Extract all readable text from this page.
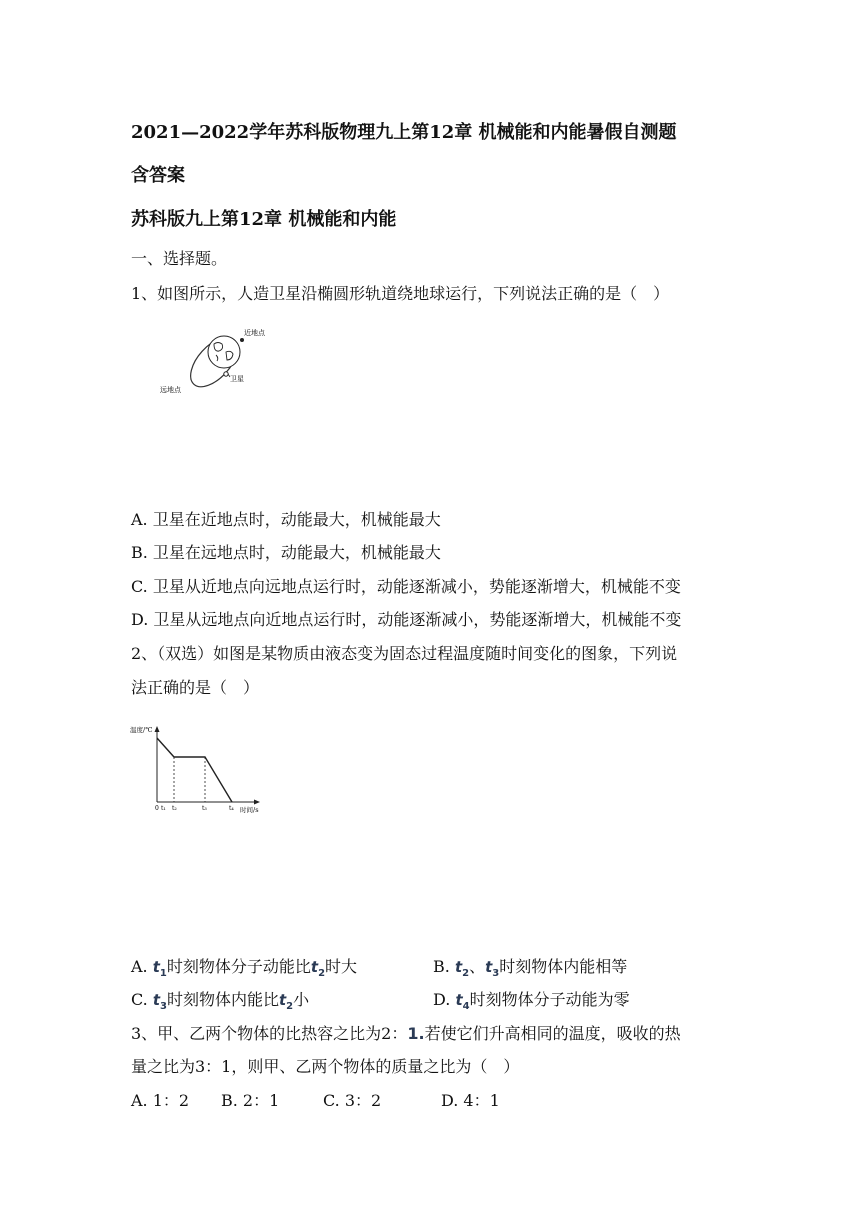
2021—2022学年苏科版物理九上第12章 机械能和内能暑假自测题
含答案
苏科版九上第12章 机械能和内能
一、选择题。
1、如图所示，人造卫星沿椭圆形轨道绕地球运行，下列说法正确的是（　）
近地点
卫星
远地点
A. 卫星在近地点时，动能最大，机械能最大
B. 卫星在远地点时，动能最大，机械能最大
C. 卫星从近地点向远地点运行时，动能逐渐减小，势能逐渐增大，机械能不变
D. 卫星从远地点向近地点运行时，动能逐渐减小，势能逐渐增大，机械能不变
2、（双选）如图是某物质由液态变为固态过程温度随时间变化的图象，下列说
法正确的是（　）
温度/℃
时间/s
0 t₁ t₂	t₃	t₄
A. $t_1$时刻物体分子动能比$t_2$时大	B. $t_2$、$t_3$时刻物体内能相等
C. $t_3$时刻物体内能比$t_2$小	D. $t_4$时刻物体分子动能为零
3、甲、乙两个物体的比热容之比为2：1.若使它们升高相同的温度，吸收的热
量之比为3：1，则甲、乙两个物体的质量之比为（　）
A. 1：2 B. 2：1	C. 3：2	D. 4：1
